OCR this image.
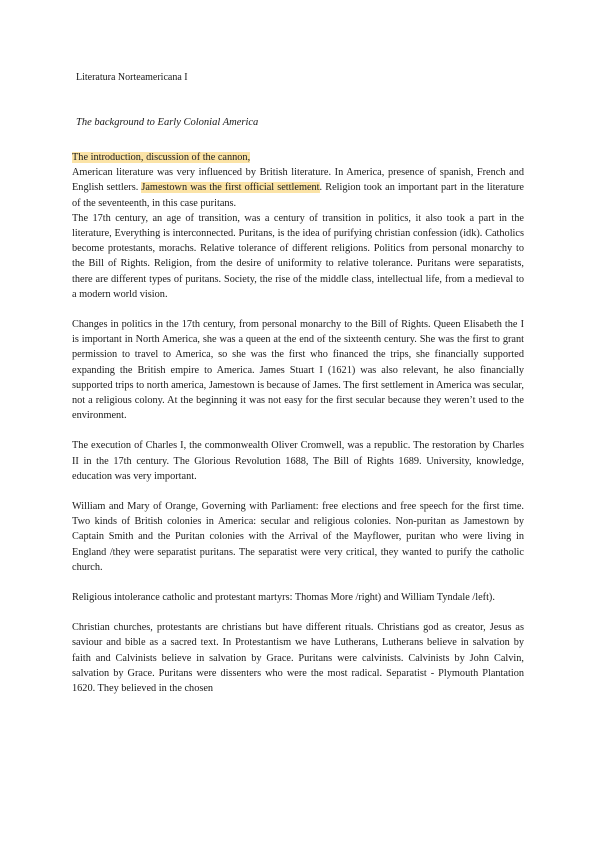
Literatura Norteamericana I
The background to Early Colonial America

The introduction, discussion of the cannon,
American literature was very influenced by British literature. In America, presence of spanish, French and English settlers. Jamestown was the first official settlement. Religion took an important part in the literature of the seventeenth, in this case puritans.
The 17th century, an age of transition, was a century of transition in politics, it also took a part in the literature, Everything is interconnected. Puritans, is the idea of purifying christian confession (idk). Catholics become protestants, morachs. Relative tolerance of different religions. Politics from personal monarchy to the Bill of Rights. Religion, from the desire of uniformity to relative tolerance. Puritans were separatists, there are different types of puritans. Society, the rise of the middle class, intellectual life, from a medieval to a modern world vision.

Changes in politics in the 17th century, from personal monarchy to the Bill of Rights. Queen Elisabeth the I is important in North America, she was a queen at the end of the sixteenth century. She was the first to grant permission to travel to America, so she was the first who financed the trips, she financially supported expanding the British empire to America. James Stuart I (1621) was also relevant, he also financially supported trips to north america, Jamestown is because of James. The first settlement in America was secular, not a religious colony. At the beginning it was not easy for the first secular because they weren’t used to the environment.

The execution of Charles I, the commonwealth Oliver Cromwell, was a republic. The restoration by Charles II in the 17th century. The Glorious Revolution 1688, The Bill of Rights 1689. University, knowledge, education was very important.

William and Mary of Orange, Governing with Parliament: free elections and free speech for the first time. Two kinds of British colonies in America: secular and religious colonies. Non-puritan as Jamestown by Captain Smith and the Puritan colonies with the Arrival of the Mayflower, puritan who were living in England /they were separatist puritans. The separatist were very critical, they wanted to purify the catholic church.

Religious intolerance catholic and protestant martyrs: Thomas More /right) and William Tyndale /left).

Christian churches, protestants are christians but have different rituals. Christians god as creator, Jesus as saviour and bible as a sacred text. In Protestantism we have Lutherans, Lutherans believe in salvation by faith and Calvinists believe in salvation by Grace. Puritans were calvinists. Calvinists by John Calvin, salvation by Grace. Puritans were dissenters who were the most radical. Separatist - Plymouth Plantation 1620. They believed in the chosen
